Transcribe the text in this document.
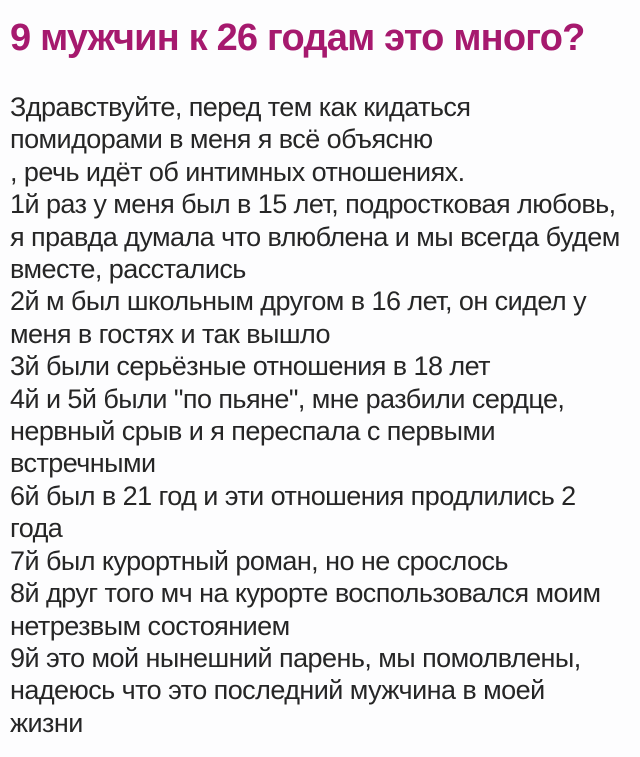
9 мужчин к 26 годам это много?
Здравствуйте, перед тем как кидаться
помидорами в меня я всё объясню
, речь идёт об интимных отношениях.
1й раз у меня был в 15 лет, подростковая любовь,
я правда думала что влюблена и мы всегда будем
вместе, расстались
2й м был школьным другом в 16 лет, он сидел у
меня в гостях и так вышло
3й были серьёзные отношения в 18 лет
4й и 5й были "по пьяне", мне разбили сердце,
нервный срыв и я переспала с первыми
встречными
6й был в 21 год и эти отношения продлились 2
года
7й был курортный роман, но не срослось
8й друг того мч на курорте воспользовался моим
нетрезвым состоянием
9й это мой нынешний парень, мы помолвлены,
надеюсь что это последний мужчина в моей
жизни
